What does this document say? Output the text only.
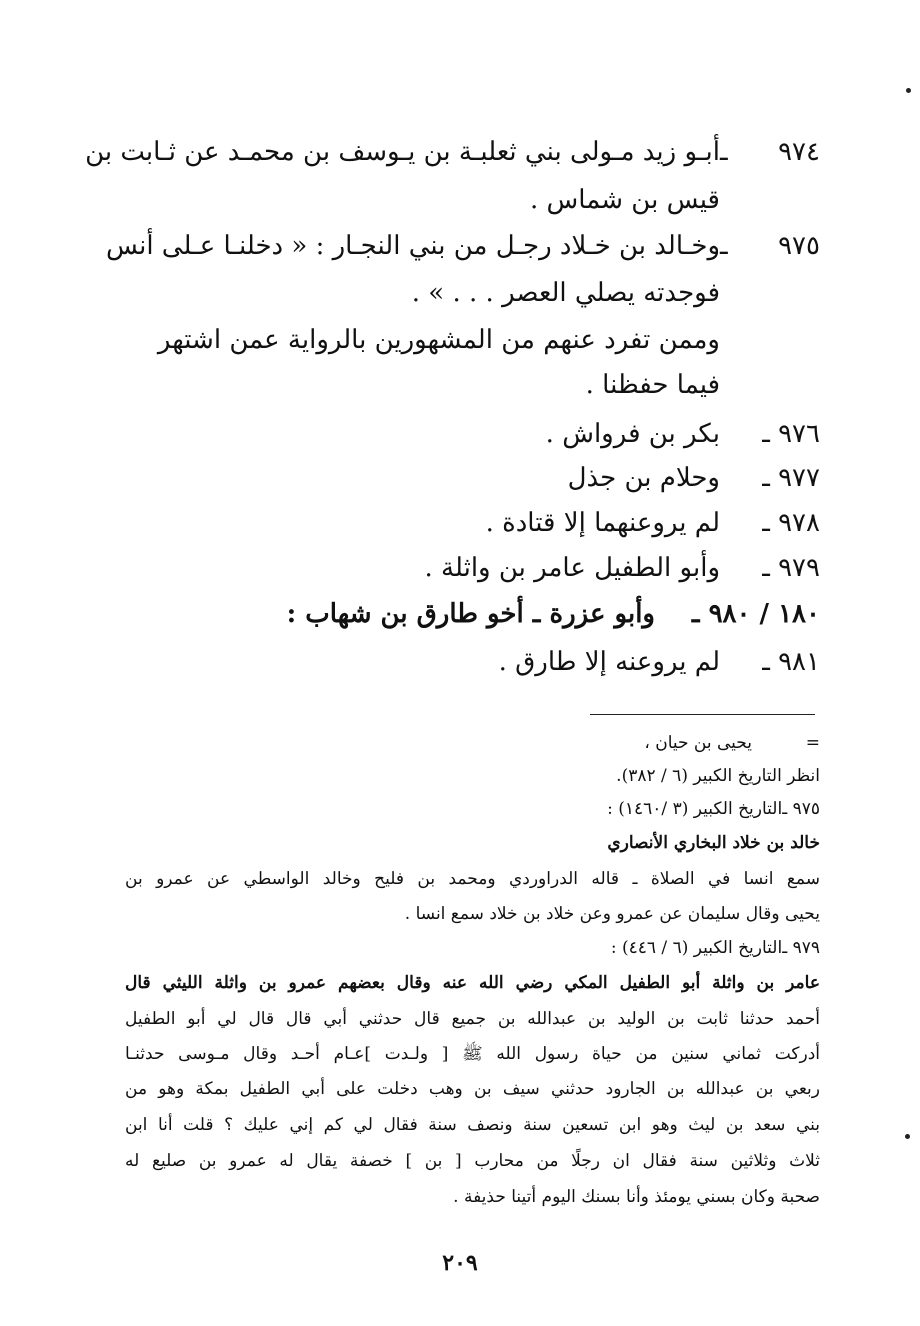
٩٧٤ ـأبـو زيد مـولى بني ثعلبـة بن يـوسف بن محمـد عن ثـابت بن
قيس بن شماس .
٩٧٥ ـوخـالد بن خـلاد رجـل من بني النجـار : « دخلنـا عـلى أنس
فوجدته يصلي العصر . . . » .
وممن تفرد عنهم من المشهورين بالرواية عمن اشتهر
فيما حفظنا .
٩٧٦ ـبكر بن فرواش .
٩٧٧ ـوحلام بن جذل
٩٧٨ ـلم يروعنهما إلا قتادة .
٩٧٩ ـوأبو الطفيل عامر بن واثلة .
١٨٠ / ٩٨٠ ـوأبو عزرة ـ أخو طارق بن شهاب :
٩٨١ ـلم يروعنه إلا طارق .
=يحيى بن حيان ،
انظر التاريخ الكبير (٦ / ٣٨٢).
٩٧٥ ـالتاريخ الكبير (٣ /١٤٦٠) :
خالد بن خلاد البخاري الأنصاري
سمع انسا في الصلاة ـ قاله الدراوردي ومحمد بن فليح وخالد الواسطي عن عمرو بن
يحيى وقال سليمان عن عمرو وعن خلاد بن خلاد سمع انسا .
٩٧٩ ـالتاريخ الكبير (٦ / ٤٤٦) :
عامر بن واثلة أبو الطفيل المكي رضي الله عنه وقال بعضهم عمرو بن واثلة الليثي قال
أحمد حدثنا ثابت بن الوليد بن عبدالله بن جميع قال حدثني أبي قال قال لي أبو الطفيل
أدركت ثماني سنين من حياة رسول الله ﷺ [ ولـدت ]عـام أحـد وقال مـوسى حدثنـا
ربعي بن عبدالله بن الجارود حدثني سيف بن وهب دخلت على أبي الطفيل بمكة وهو من
بني سعد بن ليث وهو ابن تسعين سنة ونصف سنة فقال لي كم إني عليك ؟ قلت أنا ابن
ثلاث وثلاثين سنة فقال ان رجلًا من محارب [ بن ] خصفة يقال له عمرو بن صليع له
صحبة وكان بسني يومئذ وأنا بسنك اليوم أتينا حذيفة .
٢٠٩
